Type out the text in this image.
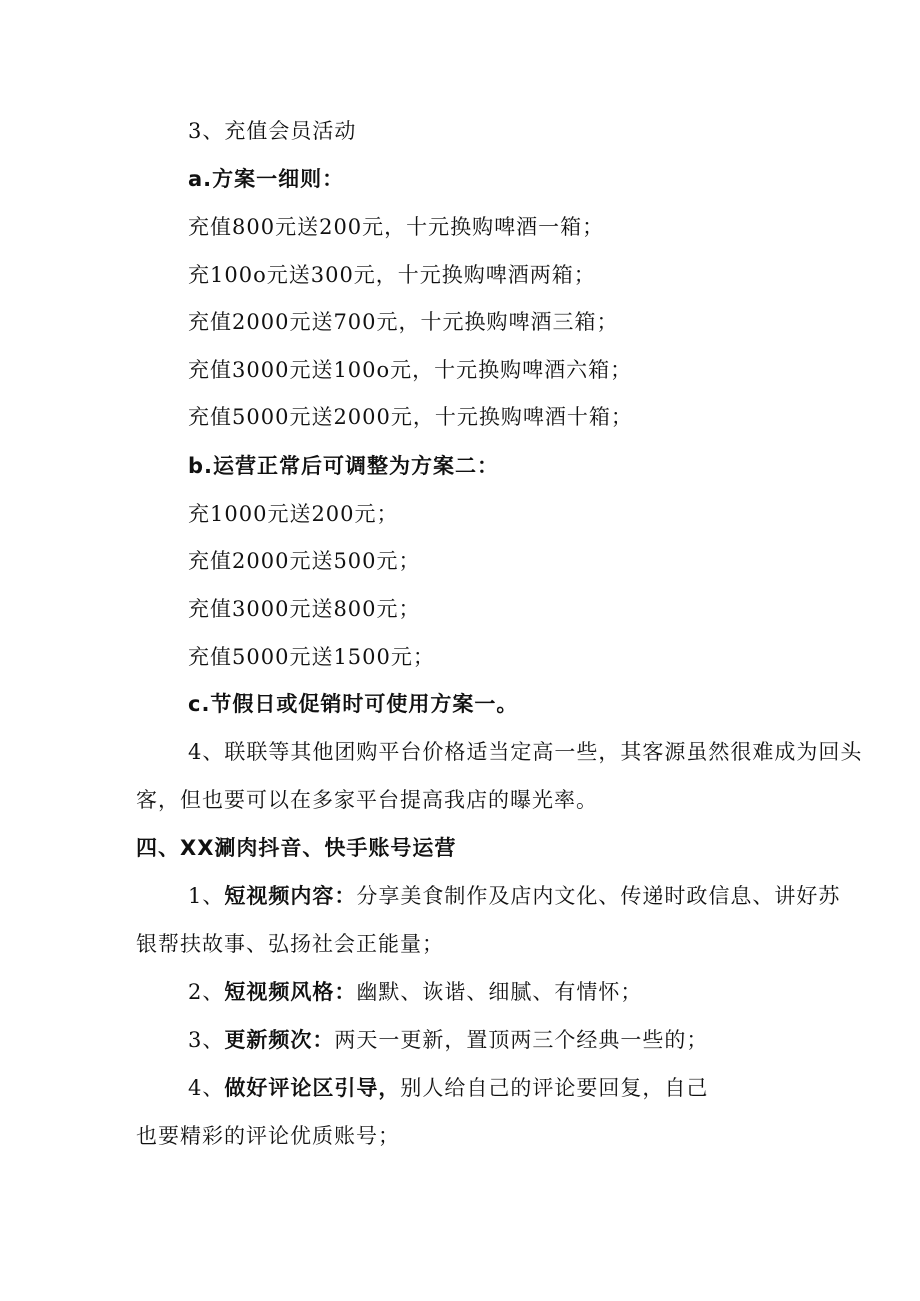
3、充值会员活动
a.方案一细则：
充值800元送200元，十元换购啤酒一箱；
充100o元送300元，十元换购啤酒两箱；
充值2000元送700元，十元换购啤酒三箱；
充值3000元送100o元，十元换购啤酒六箱；
充值5000元送2000元，十元换购啤酒十箱；
b.运营正常后可调整为方案二：
充1000元送200元；
充值2000元送500元；
充值3000元送800元；
充值5000元送1500元；
c.节假日或促销时可使用方案一。
4、联联等其他团购平台价格适当定高一些，其客源虽然很难成为回头
客，但也要可以在多家平台提高我店的曝光率。
四、XX涮肉抖音、快手账号运营
1、短视频内容：分享美食制作及店内文化、传递时政信息、讲好苏
银帮扶故事、弘扬社会正能量；
2、短视频风格：幽默、诙谐、细腻、有情怀；
3、更新频次：两天一更新，置顶两三个经典一些的；
4、做好评论区引导，别人给自己的评论要回复，自己
也要精彩的评论优质账号；
